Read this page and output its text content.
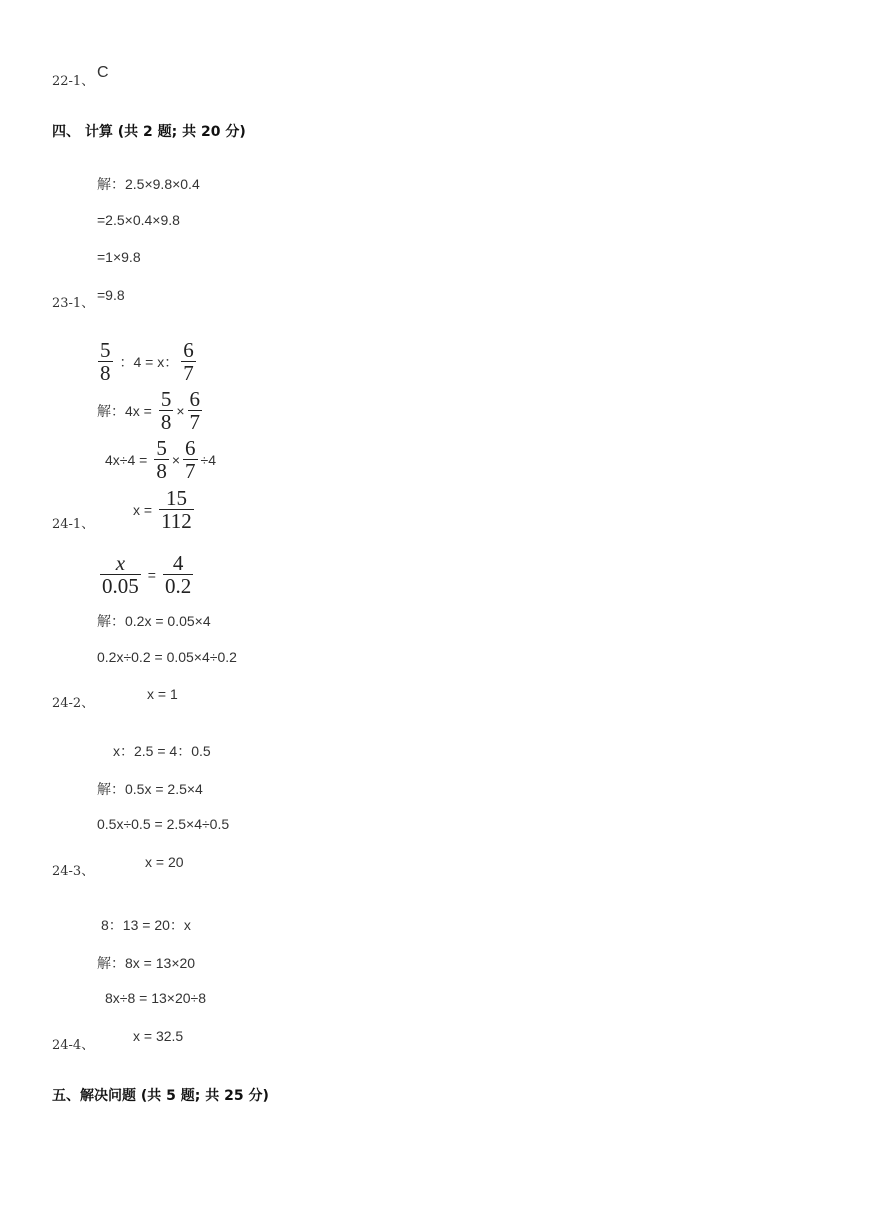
22-1、
C
四、 计算 (共 2 题; 共 20 分)
解：2.5×9.8×0.4
=2.5×0.4×9.8
=1×9.8
=9.8
23-1、
$\frac{5}{8}$ ：4 = x： $\frac{6}{7}$
解：$4x = \frac{5}{8} \times \frac{6}{7}$
$4x\div 4 = \frac{5}{8} \times \frac{6}{7} \div 4$
$x = \frac{15}{112}$
24-1、
$\frac{x}{0.05} = \frac{4}{0.2}$
解：0.2x = 0.05×4
0.2x÷0.2 = 0.05×4÷0.2
x = 1
24-2、
x：2.5 = 4：0.5
解：0.5x = 2.5×4
0.5x÷0.5 = 2.5×4÷0.5
x = 20
24-3、
8：13 = 20：x
解：8x = 13×20
8x÷8 = 13×20÷8
x = 32.5
24-4、
五、解决问题 (共 5 题; 共 25 分)
